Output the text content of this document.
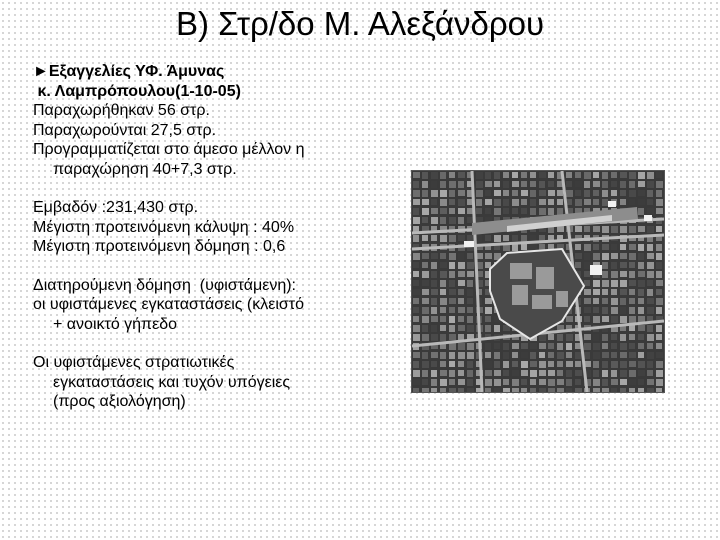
Β) Στρ/δο Μ. Αλεξάνδρου
►Εξαγγελίες ΥΦ. Άμυνας
κ. Λαμπρόπουλου(1-10-05)
Παραχωρήθηκαν 56 στρ.
Παραχωρούνται 27,5 στρ.
Προγραμματίζεται στο άμεσο μέλλον η
παραχώρηση 40+7,3 στρ.
Εμβαδόν :231,430 στρ.
Μέγιστη προτεινόμενη κάλυψη : 40%
Μέγιστη προτεινόμενη δόμηση : 0,6
Διατηρούμενη δόμηση  (υφιστάμενη):
οι υφιστάμενες εγκαταστάσεις (κλειστό
+ ανοικτό γήπεδο
Οι υφιστάμενες στρατιωτικές
εγκαταστάσεις και τυχόν υπόγειες
(προς αξιολόγηση)
